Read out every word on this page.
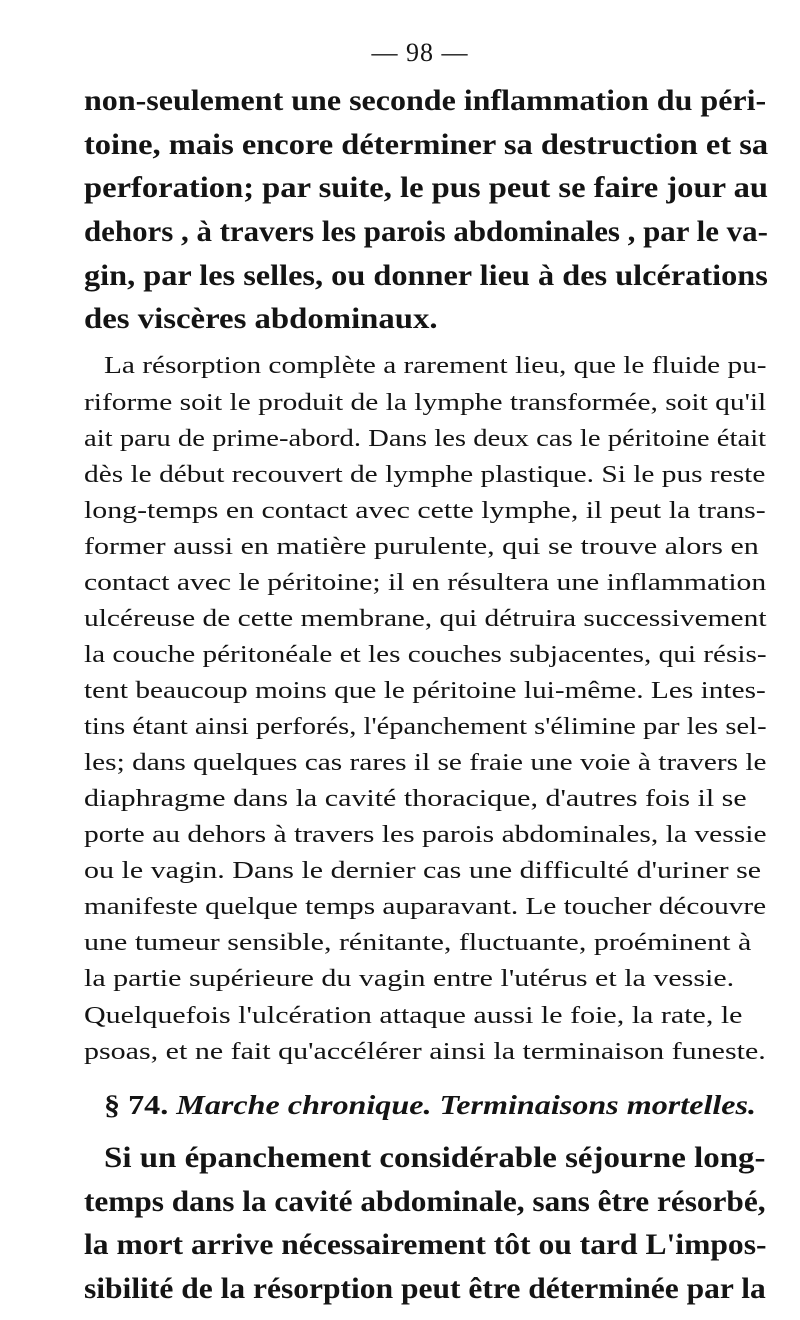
— 98 —
non-seulement une seconde inflammation du péri-
toine, mais encore déterminer sa destruction et sa
perforation; par suite, le pus peut se faire jour au
dehors , à travers les parois abdominales , par le va-
gin, par les selles, ou donner lieu à des ulcérations
des viscères abdominaux.
La résorption complète a rarement lieu, que le fluide pu-
riforme soit le produit de la lymphe transformée, soit qu'il
ait paru de prime-abord. Dans les deux cas le péritoine était
dès le début recouvert de lymphe plastique. Si le pus reste
long-temps en contact avec cette lymphe, il peut la trans-
former aussi en matière purulente, qui se trouve alors en
contact avec le péritoine; il en résultera une inflammation
ulcéreuse de cette membrane, qui détruira successivement
la couche péritonéale et les couches subjacentes, qui résis-
tent beaucoup moins que le péritoine lui-même. Les intes-
tins étant ainsi perforés, l'épanchement s'élimine par les sel-
les; dans quelques cas rares il se fraie une voie à travers le
diaphragme dans la cavité thoracique, d'autres fois il se
porte au dehors à travers les parois abdominales, la vessie
ou le vagin. Dans le dernier cas une difficulté d'uriner se
manifeste quelque temps auparavant. Le toucher découvre
une tumeur sensible, rénitante, fluctuante, proéminent à
la partie supérieure du vagin entre l'utérus et la vessie.
Quelquefois l'ulcération attaque aussi le foie, la rate, le
psoas, et ne fait qu'accélérer ainsi la terminaison funeste.
§ 74. Marche chronique. Terminaisons mortelles.
Si un épanchement considérable séjourne long-
temps dans la cavité abdominale, sans être résorbé,
la mort arrive nécessairement tôt ou tard L'impos-
sibilité de la résorption peut être déterminée par la
